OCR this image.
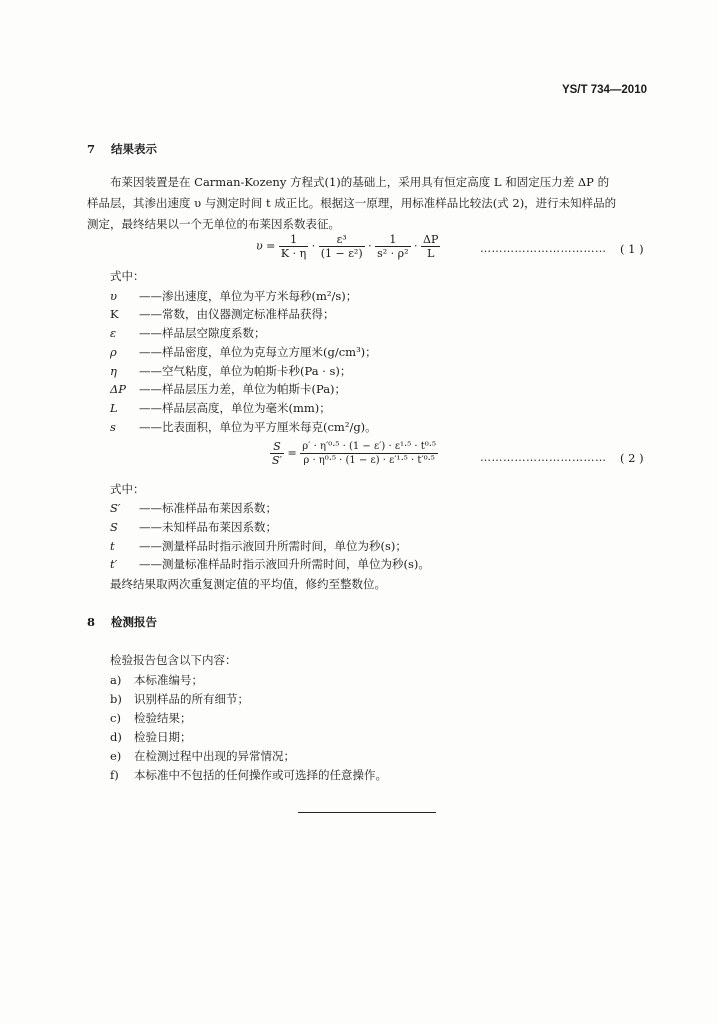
YS/T 734—2010
7 结果表示
布莱因装置是在 Carman-Kozeny 方程式(1)的基础上，采用具有恒定高度 L 和固定压力差 ΔP 的
样品层，其渗出速度 υ 与测定时间 t 成正比。根据这一原理，用标准样品比较法(式 2)，进行未知样品的
测定，最终结果以一个无单位的布莱因系数表征。
$\upsilon = \frac{1}{K \cdot \eta} \cdot \frac{\text{ε³}}{\text{(1 − ε²)}} \cdot \frac{1}{\text{s² · ρ²}} \cdot \frac{\Delta P}{L}$	…………………………… ( 1 )
式中：
υ ——渗出速度，单位为平方米每秒(m²/s)；
K ——常数，由仪器测定标准样品获得；
ε ——样品层空隙度系数；
ρ ——样品密度，单位为克每立方厘米(g/cm³)；
η ——空气粘度，单位为帕斯卡秒(Pa · s)；
ΔP ——样品层压力差，单位为帕斯卡(Pa)；
L ——样品层高度，单位为毫米(mm)；
s ——比表面积，单位为平方厘米每克(cm²/g)。
$\frac{S}{S'} = \frac{\text{ρ′ · η′⁰·⁵ · (1 − ε′) · ε¹·⁵ · t⁰·⁵}}{\text{ρ · η⁰·⁵ · (1 − ε) · ε′¹·⁵ · t′⁰·⁵}}$	…………………………… ( 2 )
式中：
S′ ——标准样品布莱因系数；
S ——未知样品布莱因系数；
t ——测量样品时指示液回升所需时间，单位为秒(s)；
t′ ——测量标准样品时指示液回升所需时间，单位为秒(s)。
最终结果取两次重复测定值的平均值，修约至整数位。
8 检测报告
检验报告包含以下内容：
a) 本标准编号；
b) 识别样品的所有细节；
c) 检验结果；
d) 检验日期；
e) 在检测过程中出现的异常情况；
f) 本标准中不包括的任何操作或可选择的任意操作。
